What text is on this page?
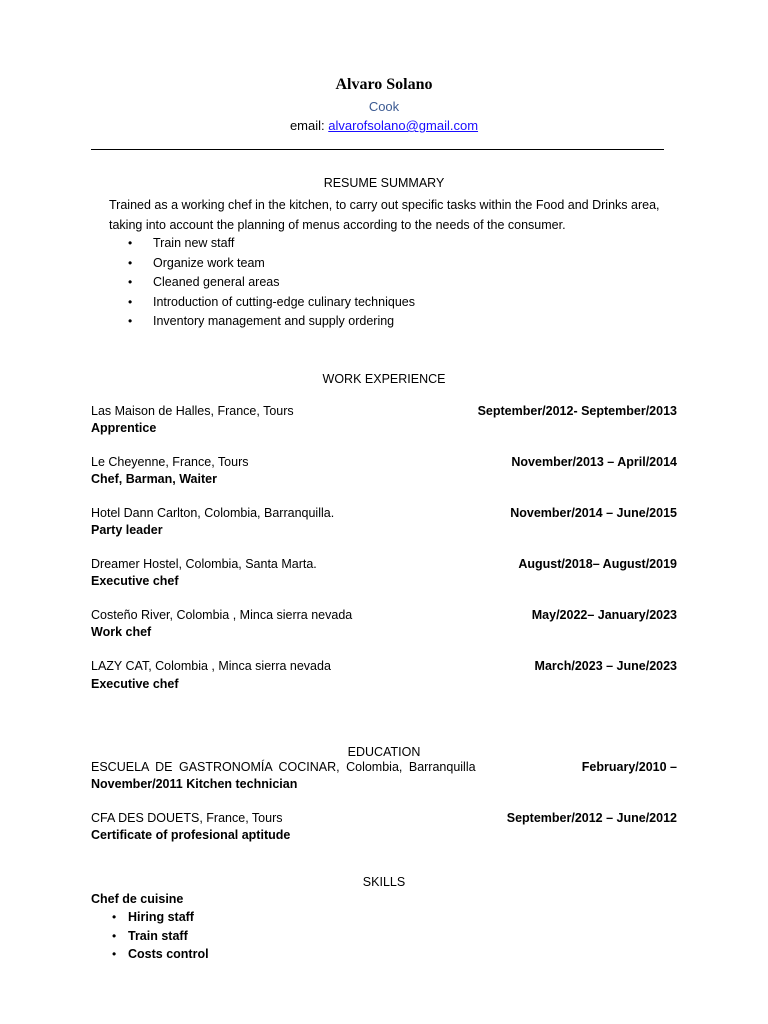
Alvaro Solano
Cook
email: alvarofsolano@gmail.com
RESUME SUMMARY
Trained as a working chef in the kitchen, to carry out specific tasks within the Food and Drinks area, taking into account the planning of menus according to the needs of the consumer.
• Train new staff
• Organize work team
• Cleaned general areas
• Introduction of cutting-edge culinary techniques
• Inventory management and supply ordering
WORK EXPERIENCE
Las Maison de Halles, France, Tours	September/2012- September/2013
Apprentice
Le Cheyenne, France, Tours	November/2013 – April/2014
Chef, Barman, Waiter
Hotel Dann Carlton, Colombia, Barranquilla.	November/2014 – June/2015
Party leader
Dreamer Hostel, Colombia, Santa Marta.	August/2018– August/2019
Executive chef
Costeño River, Colombia , Minca sierra nevada	May/2022– January/2023
Work chef
LAZY CAT, Colombia , Minca sierra nevada	March/2023 – June/2023
Executive chef
EDUCATION
ESCUELA DE GASTRONOMÍA COCINAR, Colombia, Barranquilla	February/2010 –
November/2011 Kitchen technician
CFA DES DOUETS, France, Tours	September/2012 – June/2012
Certificate of profesional aptitude
SKILLS
Chef de cuisine
• Hiring staff
• Train staff
• Costs control
